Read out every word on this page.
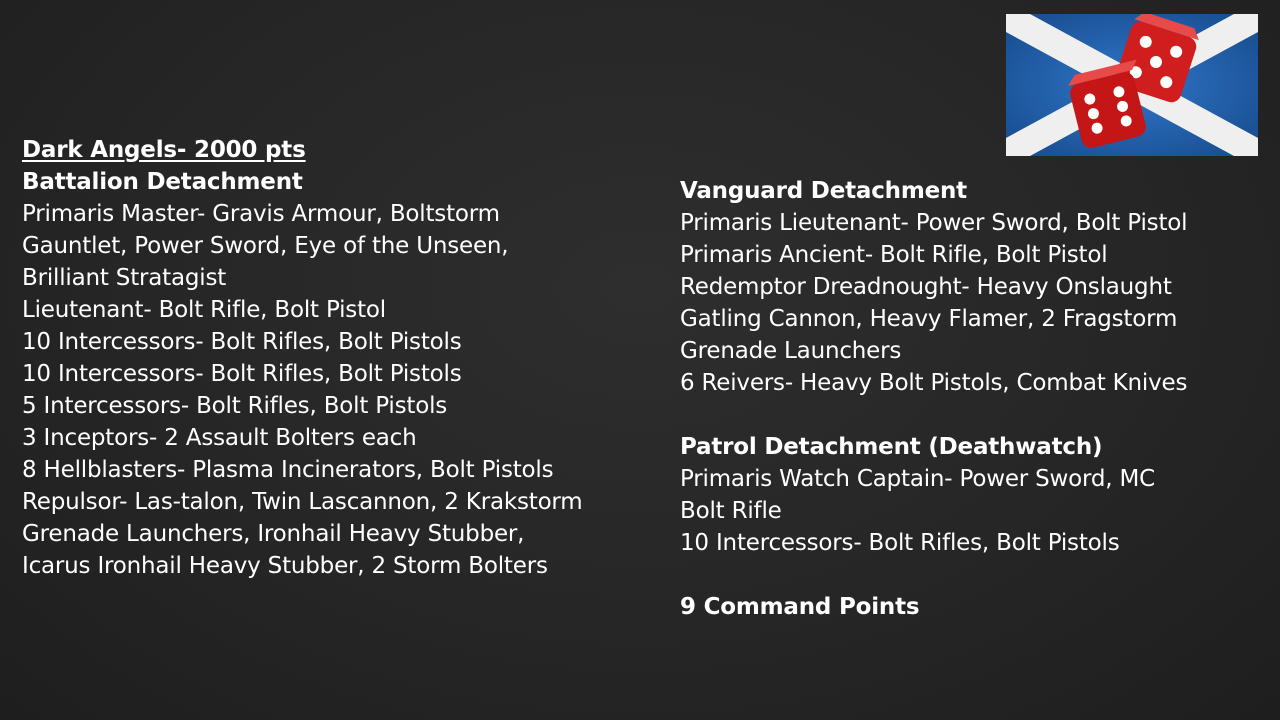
Dark Angels- 2000 pts
Battalion Detachment
Primaris Master- Gravis Armour, Boltstorm
Gauntlet, Power Sword, Eye of the Unseen,
Brilliant Stratagist
Lieutenant- Bolt Rifle, Bolt Pistol
10 Intercessors- Bolt Rifles, Bolt Pistols
10 Intercessors- Bolt Rifles, Bolt Pistols
5 Intercessors- Bolt Rifles, Bolt Pistols
3 Inceptors- 2 Assault Bolters each
8 Hellblasters- Plasma Incinerators, Bolt Pistols
Repulsor- Las-talon, Twin Lascannon, 2 Krakstorm
Grenade Launchers, Ironhail Heavy Stubber,
Icarus Ironhail Heavy Stubber, 2 Storm Bolters
Vanguard Detachment
Primaris Lieutenant- Power Sword, Bolt Pistol
Primaris Ancient- Bolt Rifle, Bolt Pistol
Redemptor Dreadnought- Heavy Onslaught
Gatling Cannon, Heavy Flamer, 2 Fragstorm
Grenade Launchers
6 Reivers- Heavy Bolt Pistols, Combat Knives
Patrol Detachment (Deathwatch)
Primaris Watch Captain- Power Sword, MC
Bolt Rifle
10 Intercessors- Bolt Rifles, Bolt Pistols
9 Command Points
